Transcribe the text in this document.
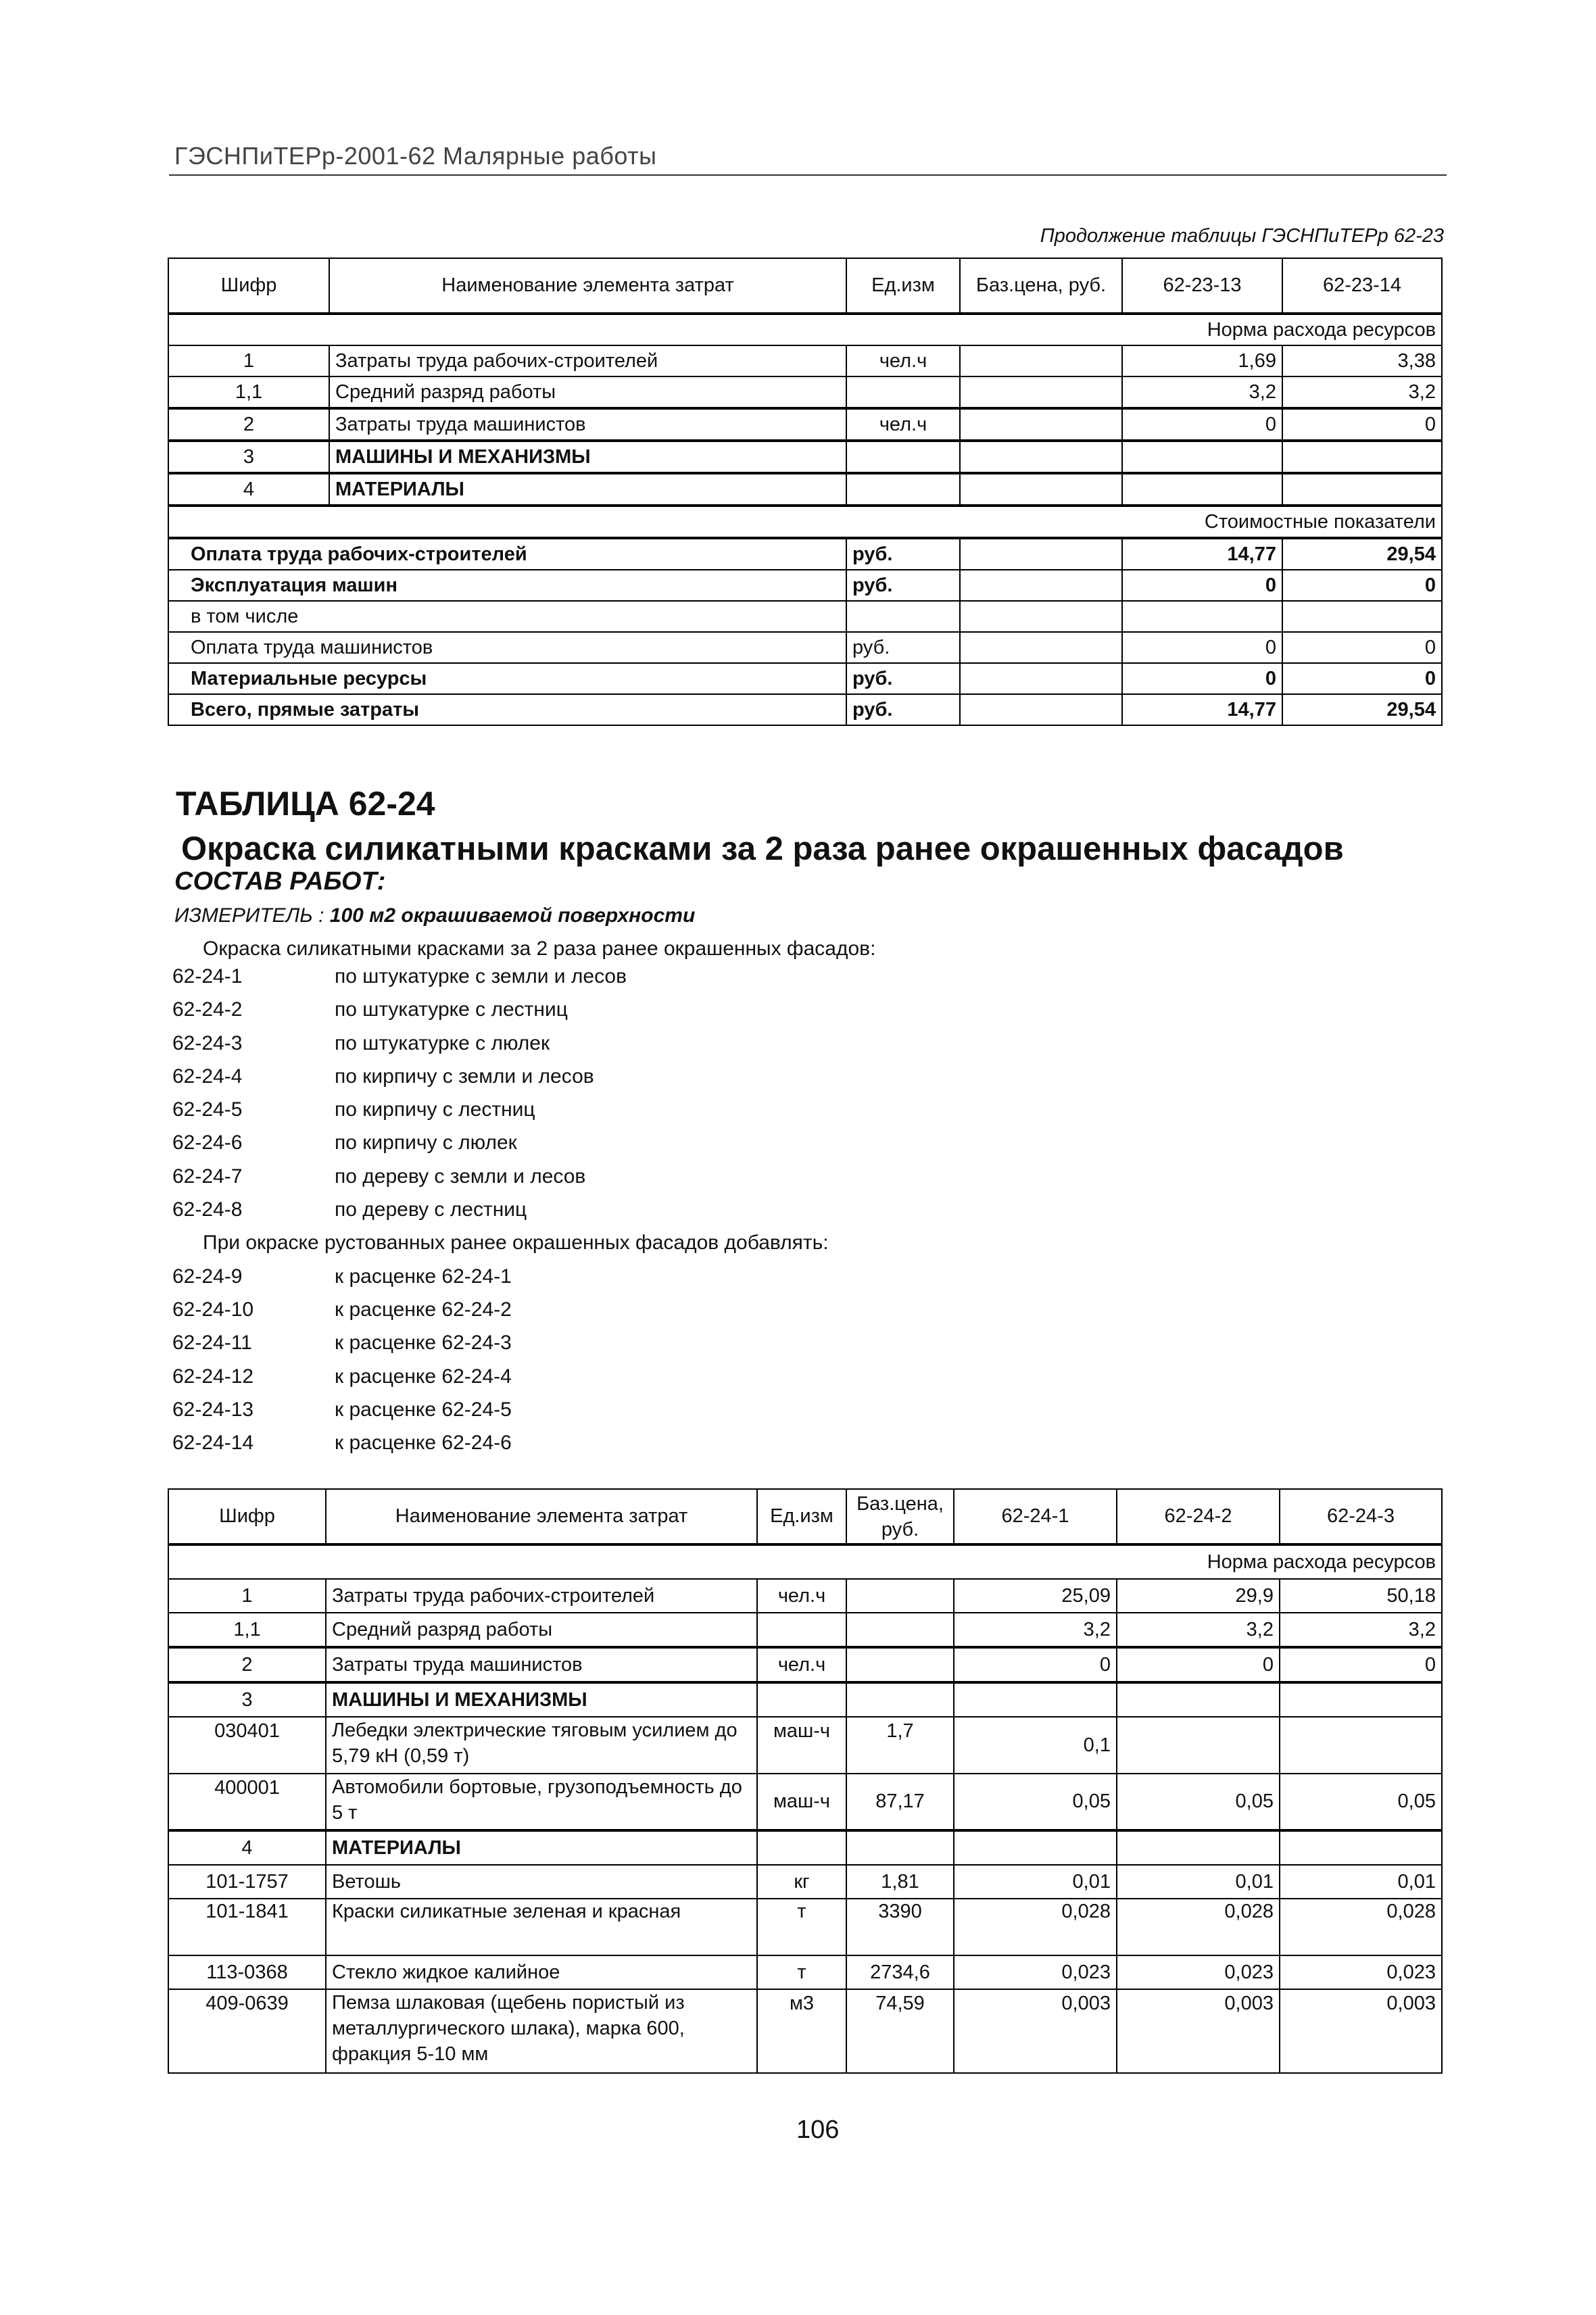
ГЭСНПиТЕРр-2001-62 Малярные работы
Продолжение таблицы ГЭСНПиТЕРр 62-23
Шифр	Наименование элемента затрат	Ед.изм	Баз.цена, руб.	62-23-13	62-23-14
Норма расхода ресурсов					
1	Затраты труда рабочих-строителей	чел.ч		1,69	3,38
1,1	Средний разряд работы			3,2	3,2
2	Затраты труда машинистов	чел.ч		0	0
3	МАШИНЫ И МЕХАНИЗМЫ				
4	МАТЕРИАЛЫ				
Стоимостные показатели					
Оплата труда рабочих-строителей		руб.		14,77	29,54
Эксплуатация машин		руб.		0	0
в том числе					
Оплата труда машинистов		руб.		0	0
Материальные ресурсы		руб.		0	0
Всего, прямые затраты		руб.		14,77	29,54
ТАБЛИЦА 62-24
Окраска силикатными красками за 2 раза ранее окрашенных фасадов
СОСТАВ РАБОТ:
ИЗМЕРИТЕЛЬ : 100 м2 окрашиваемой поверхности
Окраска силикатными красками за 2 раза ранее окрашенных фасадов:
62-24-1	по штукатурке с земли и лесов
62-24-2	по штукатурке с лестниц
62-24-3	по штукатурке с люлек
62-24-4	по кирпичу с земли и лесов
62-24-5	по кирпичу с лестниц
62-24-6	по кирпичу с люлек
62-24-7	по дереву с земли и лесов
62-24-8	по дереву с лестниц
При окраске рустованных ранее окрашенных фасадов добавлять:
62-24-9	к расценке 62-24-1
62-24-10	к расценке 62-24-2
62-24-11	к расценке 62-24-3
62-24-12	к расценке 62-24-4
62-24-13	к расценке 62-24-5
62-24-14	к расценке 62-24-6
Шифр	Наименование элемента затрат	Ед.изм	Баз.цена, руб.	62-24-1	62-24-2	62-24-3
Норма расхода ресурсов						
1	Затраты труда рабочих-строителей	чел.ч		25,09	29,9	50,18
1,1	Средний разряд работы			3,2	3,2	3,2
2	Затраты труда машинистов	чел.ч		0	0	0
3	МАШИНЫ И МЕХАНИЗМЫ					
030401	Лебедки электрические тяговым усилием до 5,79 кН (0,59 т)	маш-ч	1,7	0,1		
400001	Автомобили бортовые, грузоподъемность до 5 т	маш-ч	87,17	0,05	0,05	0,05
4	МАТЕРИАЛЫ					
101-1757	Ветошь	кг	1,81	0,01	0,01	0,01
101-1841	Краски силикатные зеленая и красная	т	3390	0,028	0,028	0,028
113-0368	Стекло жидкое калийное	т	2734,6	0,023	0,023	0,023
409-0639	Пемза шлаковая (щебень пористый из металлургического шлака), марка 600, фракция 5-10 мм	м3	74,59	0,003	0,003	0,003
106
